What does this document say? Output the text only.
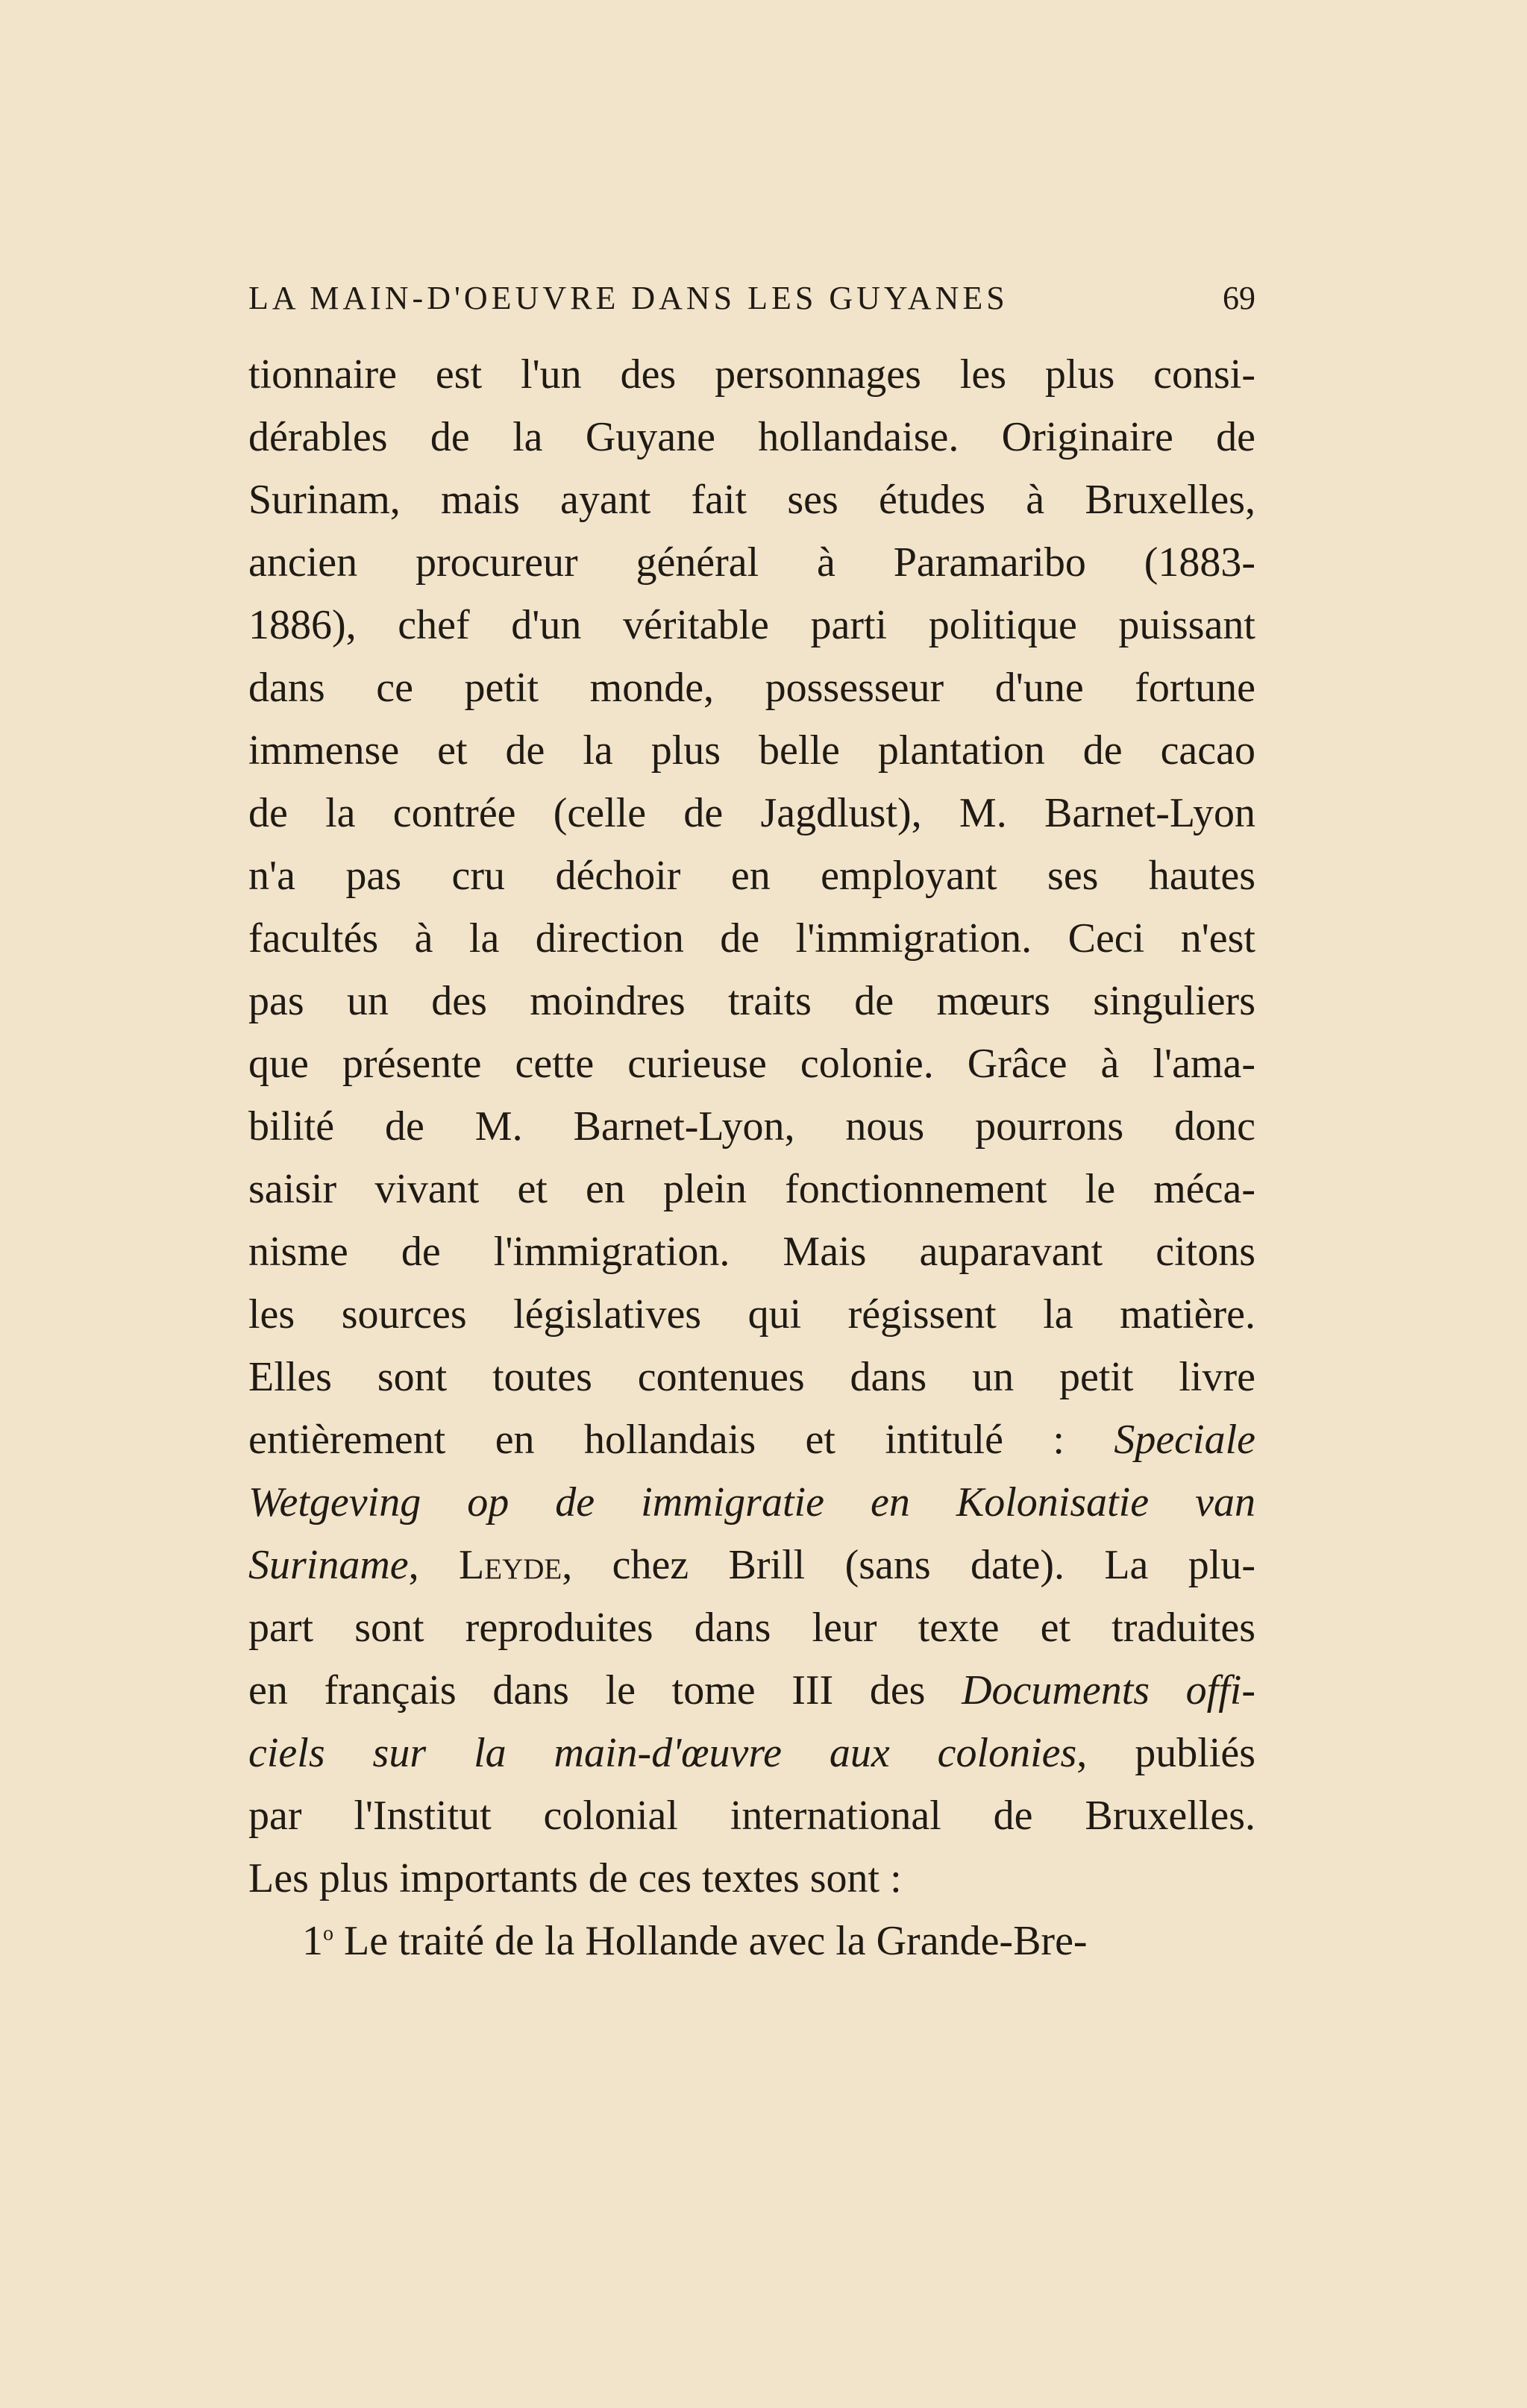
LA MAIN-D'OEUVRE DANS LES GUYANES	69
tionnaire est l'un des personnages les plus consi-
dérables de la Guyane hollandaise. Originaire de
Surinam, mais ayant fait ses études à Bruxelles,
ancien procureur général à Paramaribo (1883-
1886), chef d'un véritable parti politique puissant
dans ce petit monde, possesseur d'une fortune
immense et de la plus belle plantation de cacao
de la contrée (celle de Jagdlust), M. Barnet-Lyon
n'a pas cru déchoir en employant ses hautes
facultés à la direction de l'immigration. Ceci n'est
pas un des moindres traits de mœurs singuliers
que présente cette curieuse colonie. Grâce à l'ama-
bilité de M. Barnet-Lyon, nous pourrons donc
saisir vivant et en plein fonctionnement le méca-
nisme de l'immigration. Mais auparavant citons
les sources législatives qui régissent la matière.
Elles sont toutes contenues dans un petit livre
entièrement en hollandais et intitulé : Speciale
Wetgeving op de immigratie en Kolonisatie van
Suriname, Leyde, chez Brill (sans date). La plu-
part sont reproduites dans leur texte et traduites
en français dans le tome III des Documents offi-
ciels sur la main-d'œuvre aux colonies, publiés
par l'Institut colonial international de Bruxelles.
Les plus importants de ces textes sont :
1$^o$ Le traité de la Hollande avec la Grande-Bre-
